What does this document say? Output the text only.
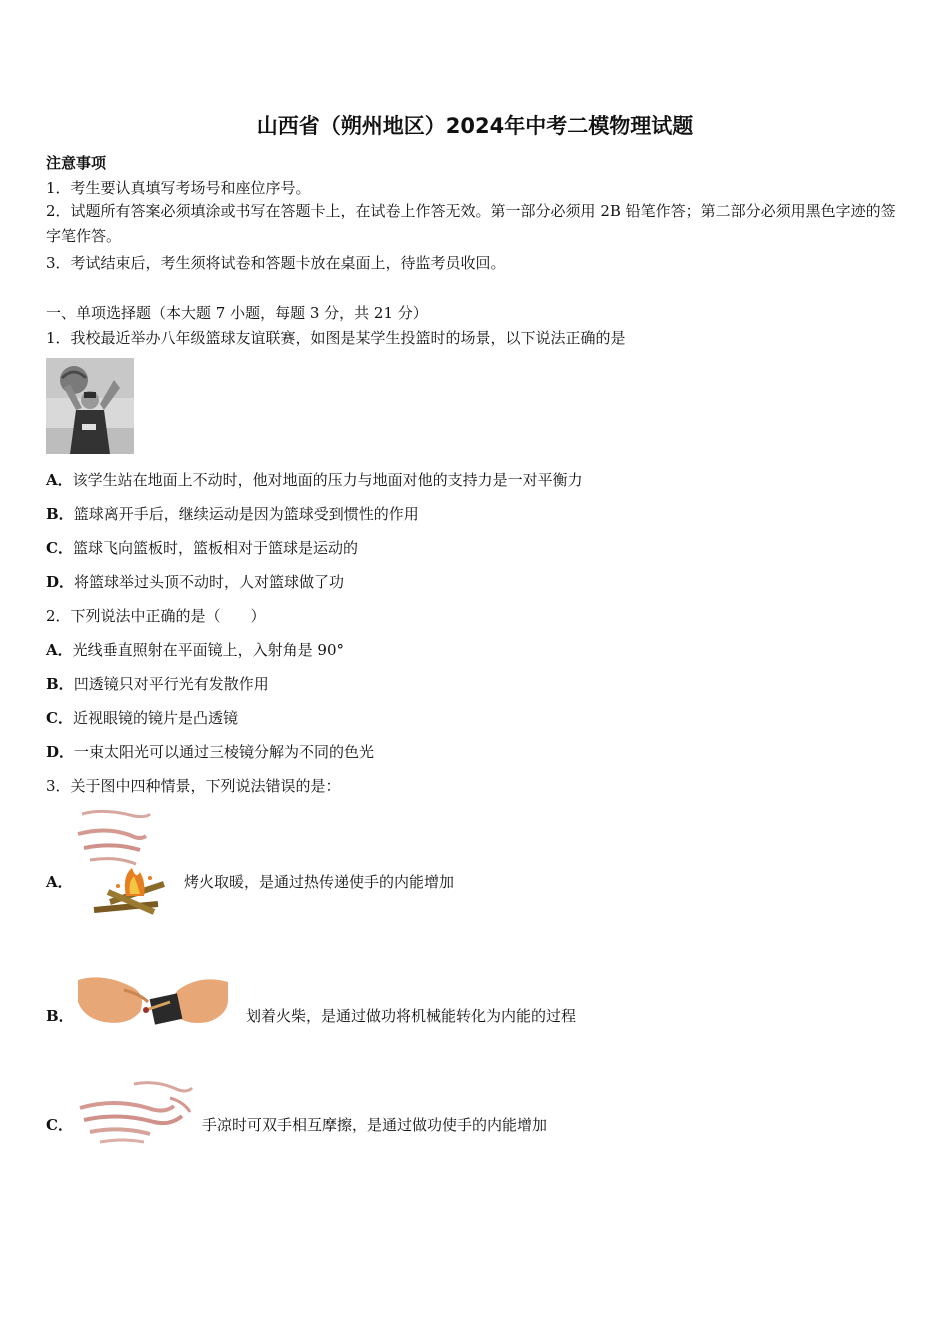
山西省（朔州地区）2024年中考二模物理试题
注意事项
1．考生要认真填写考场号和座位序号。
2．试题所有答案必须填涂或书写在答题卡上，在试卷上作答无效。第一部分必须用 2B 铅笔作答；第二部分必须用黑色字迹的签字笔作答。
3．考试结束后，考生须将试卷和答题卡放在桌面上，待监考员收回。
一、单项选择题（本大题 7 小题，每题 3 分，共 21 分）
1．我校最近举办八年级篮球友谊联赛，如图是某学生投篮时的场景，以下说法正确的是
A．该学生站在地面上不动时，他对地面的压力与地面对他的支持力是一对平衡力
B．篮球离开手后，继续运动是因为篮球受到惯性的作用
C．篮球飞向篮板时，篮板相对于篮球是运动的
D．将篮球举过头顶不动时，人对篮球做了功
2．下列说法中正确的是（　　）
A．光线垂直照射在平面镜上，入射角是 90°
B．凹透镜只对平行光有发散作用
C．近视眼镜的镜片是凸透镜
D．一束太阳光可以通过三棱镜分解为不同的色光
3．关于图中四种情景，下列说法错误的是：
A．	烤火取暖，是通过热传递使手的内能增加
B．	划着火柴，是通过做功将机械能转化为内能的过程
C．	手凉时可双手相互摩擦，是通过做功使手的内能增加
